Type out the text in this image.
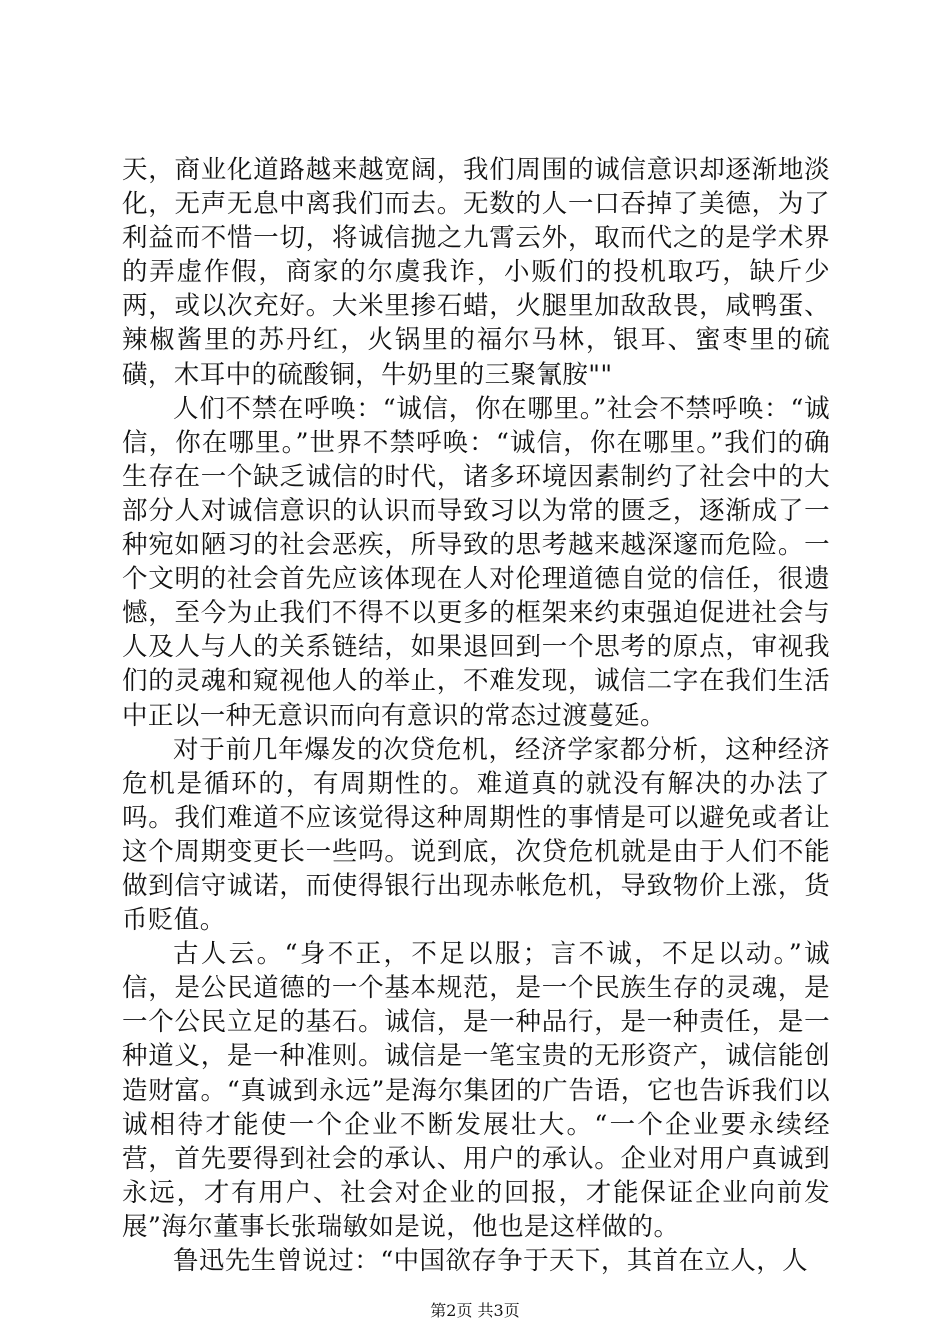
天，商业化道路越来越宽阔，我们周围的诚信意识却逐渐地淡化，无声无息中离我们而去。无数的人一口吞掉了美德，为了利益而不惜一切，将诚信抛之九霄云外，取而代之的是学术界的弄虚作假，商家的尔虞我诈，小贩们的投机取巧，缺斤少两，或以次充好。大米里掺石蜡，火腿里加敌敌畏，咸鸭蛋、辣椒酱里的苏丹红，火锅里的福尔马林，银耳、蜜枣里的硫磺，木耳中的硫酸铜，牛奶里的三聚氰胺""

人们不禁在呼唤：“诚信，你在哪里。”社会不禁呼唤：“诚信，你在哪里。”世界不禁呼唤：“诚信，你在哪里。”我们的确生存在一个缺乏诚信的时代，诸多环境因素制约了社会中的大部分人对诚信意识的认识而导致习以为常的匮乏，逐渐成了一种宛如陋习的社会恶疾，所导致的思考越来越深邃而危险。一个文明的社会首先应该体现在人对伦理道德自觉的信任，很遗憾，至今为止我们不得不以更多的框架来约束强迫促进社会与人及人与人的关系链结，如果退回到一个思考的原点，审视我们的灵魂和窥视他人的举止，不难发现，诚信二字在我们生活中正以一种无意识而向有意识的常态过渡蔓延。

对于前几年爆发的次贷危机，经济学家都分析，这种经济危机是循环的，有周期性的。难道真的就没有解决的办法了吗。我们难道不应该觉得这种周期性的事情是可以避免或者让这个周期变更长一些吗。说到底，次贷危机就是由于人们不能做到信守诚诺，而使得银行出现赤帐危机，导致物价上涨，货币贬值。

古人云。“身不正，不足以服；言不诚，不足以动。”诚信，是公民道德的一个基本规范，是一个民族生存的灵魂，是一个公民立足的基石。诚信，是一种品行，是一种责任，是一种道义，是一种准则。诚信是一笔宝贵的无形资产，诚信能创造财富。“真诚到永远”是海尔集团的广告语，它也告诉我们以诚相待才能使一个企业不断发展壮大。“一个企业要永续经营，首先要得到社会的承认、用户的承认。企业对用户真诚到永远，才有用户、社会对企业的回报，才能保证企业向前发展”海尔董事长张瑞敏如是说，他也是这样做的。

鲁迅先生曾说过：“中国欲存争于天下，其首在立人，人

第2页 共3页
